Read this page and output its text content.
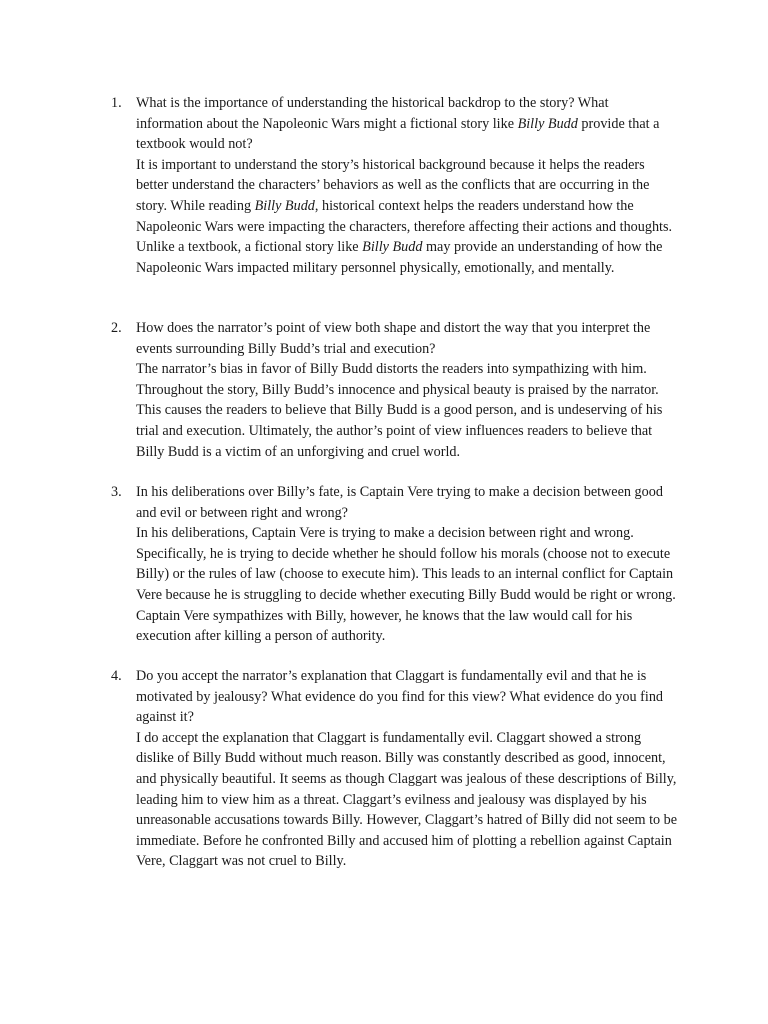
1.	What is the importance of understanding the historical backdrop to the story? What information about the Napoleonic Wars might a fictional story like Billy Budd provide that a textbook would not?

It is important to understand the story’s historical background because it helps the readers better understand the characters’ behaviors as well as the conflicts that are occurring in the story. While reading Billy Budd, historical context helps the readers understand how the Napoleonic Wars were impacting the characters, therefore affecting their actions and thoughts. Unlike a textbook, a fictional story like Billy Budd may provide an understanding of how the Napoleonic Wars impacted military personnel physically, emotionally, and mentally.

2.	How does the narrator’s point of view both shape and distort the way that you interpret the events surrounding Billy Budd’s trial and execution?

The narrator’s bias in favor of Billy Budd distorts the readers into sympathizing with him. Throughout the story, Billy Budd’s innocence and physical beauty is praised by the narrator. This causes the readers to believe that Billy Budd is a good person, and is undeserving of his trial and execution. Ultimately, the author’s point of view influences readers to believe that Billy Budd is a victim of an unforgiving and cruel world.

3.	In his deliberations over Billy’s fate, is Captain Vere trying to make a decision between good and evil or between right and wrong?

In his deliberations, Captain Vere is trying to make a decision between right and wrong. Specifically, he is trying to decide whether he should follow his morals (choose not to execute Billy) or the rules of law (choose to execute him). This leads to an internal conflict for Captain Vere because he is struggling to decide whether executing Billy Budd would be right or wrong. Captain Vere sympathizes with Billy, however, he knows that the law would call for his execution after killing a person of authority.

4.	Do you accept the narrator’s explanation that Claggart is fundamentally evil and that he is motivated by jealousy? What evidence do you find for this view? What evidence do you find against it?

I do accept the explanation that Claggart is fundamentally evil. Claggart showed a strong dislike of Billy Budd without much reason. Billy was constantly described as good, innocent, and physically beautiful. It seems as though Claggart was jealous of these descriptions of Billy, leading him to view him as a threat. Claggart’s evilness and jealousy was displayed by his unreasonable accusations towards Billy. However, Claggart’s hatred of Billy did not seem to be immediate. Before he confronted Billy and accused him of plotting a rebellion against Captain Vere, Claggart was not cruel to Billy.
